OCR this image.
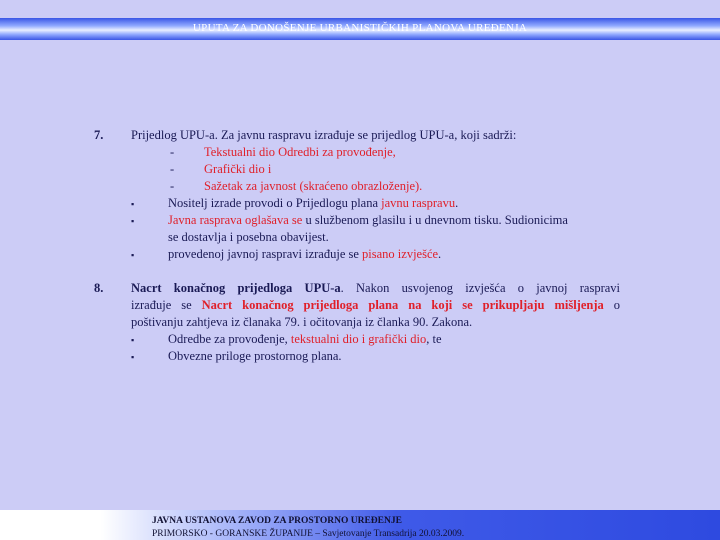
UPUTA ZA DONOŠENJE URBANISTIČKIH PLANOVA UREĐENJA
7. Prijedlog UPU-a. Za javnu raspravu izrađuje se prijedlog UPU-a, koji sadrži:
- Tekstualni dio Odredbi za provođenje,
- Grafički dio i
- Sažetak za javnost (skraćeno obrazloženje).
▪	Nositelj izrade provodi o Prijedlogu plana javnu raspravu.
▪	Javna rasprava oglašava se u službenom glasilu i u dnevnom tisku. Sudionicima
se dostavlja i posebna obavijest.
▪	provedenoj javnoj raspravi izrađuje se pisano izvješće.
8. Nacrt konačnog prijedloga UPU-a. Nakon usvojenog izvješća o javnoj raspravi
izrađuje se Nacrt konačnog prijedloga plana na koji se prikupljaju mišljenja o
poštivanju zahtjeva iz članaka 79. i očitovanja iz članka 90. Zakona.
▪	Odredbe za provođenje, tekstualni dio i grafički dio, te
▪	Obvezne priloge prostornog plana.
JAVNA USTANOVA ZAVOD ZA PROSTORNO UREĐENJE
PRIMORSKO - GORANSKE ŽUPANIJE – Savjetovanje Transadrija 20.03.2009.
